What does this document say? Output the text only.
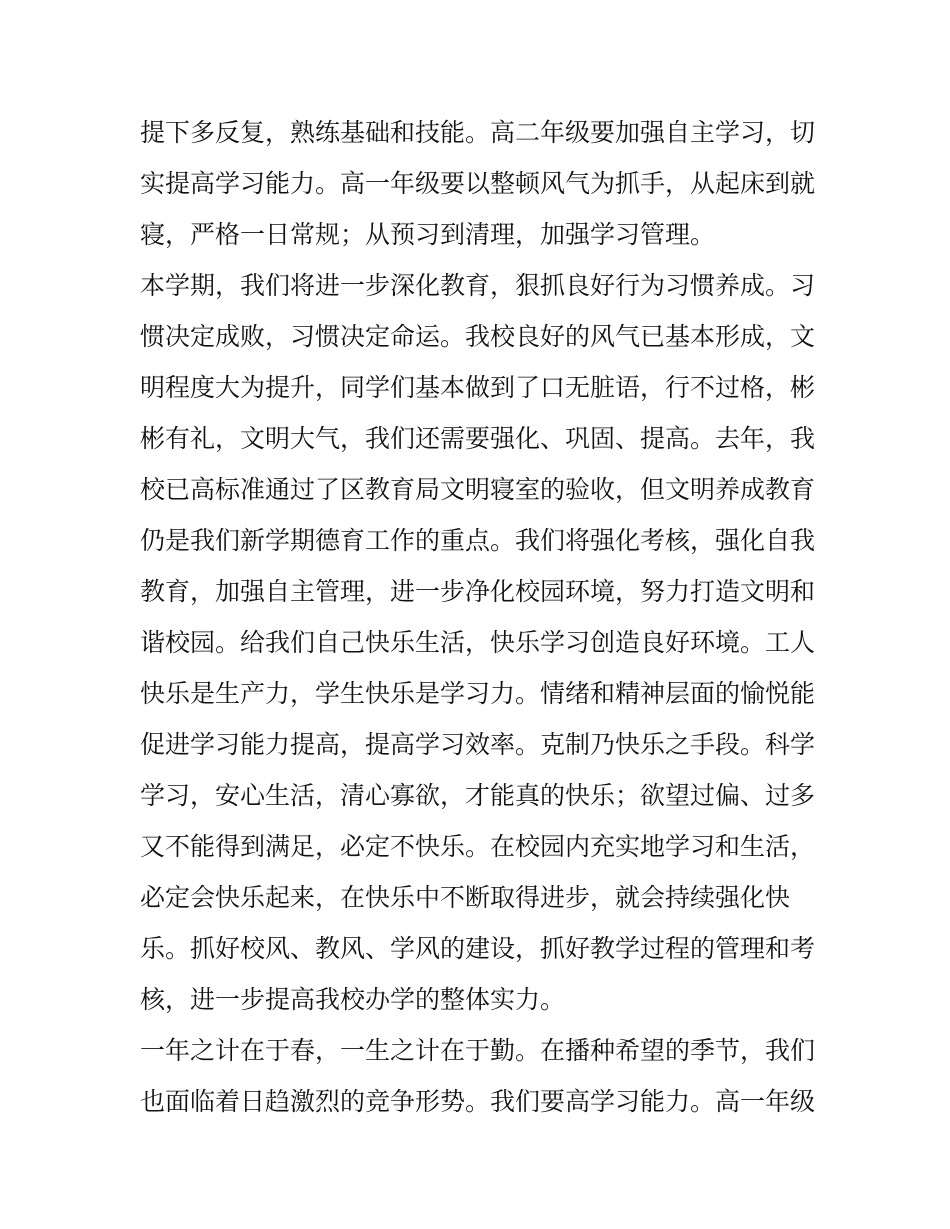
提下多反复，熟练基础和技能。高二年级要加强自主学习，切
实提高学习能力。高一年级要以整顿风气为抓手，从起床到就
寝，严格一日常规；从预习到清理，加强学习管理。
本学期，我们将进一步深化教育，狠抓良好行为习惯养成。习
惯决定成败，习惯决定命运。我校良好的风气已基本形成，文
明程度大为提升，同学们基本做到了口无脏语，行不过格，彬
彬有礼，文明大气，我们还需要强化、巩固、提高。去年，我
校已高标准通过了区教育局文明寝室的验收，但文明养成教育
仍是我们新学期德育工作的重点。我们将强化考核，强化自我
教育，加强自主管理，进一步净化校园环境，努力打造文明和
谐校园。给我们自己快乐生活，快乐学习创造良好环境。工人
快乐是生产力，学生快乐是学习力。情绪和精神层面的愉悦能
促进学习能力提高，提高学习效率。克制乃快乐之手段。科学
学习，安心生活，清心寡欲，才能真的快乐；欲望过偏、过多
又不能得到满足，必定不快乐。在校园内充实地学习和生活，
必定会快乐起来，在快乐中不断取得进步，就会持续强化快
乐。抓好校风、教风、学风的建设，抓好教学过程的管理和考
核，进一步提高我校办学的整体实力。
一年之计在于春，一生之计在于勤。在播种希望的季节，我们
也面临着日趋激烈的竞争形势。我们要高学习能力。高一年级
